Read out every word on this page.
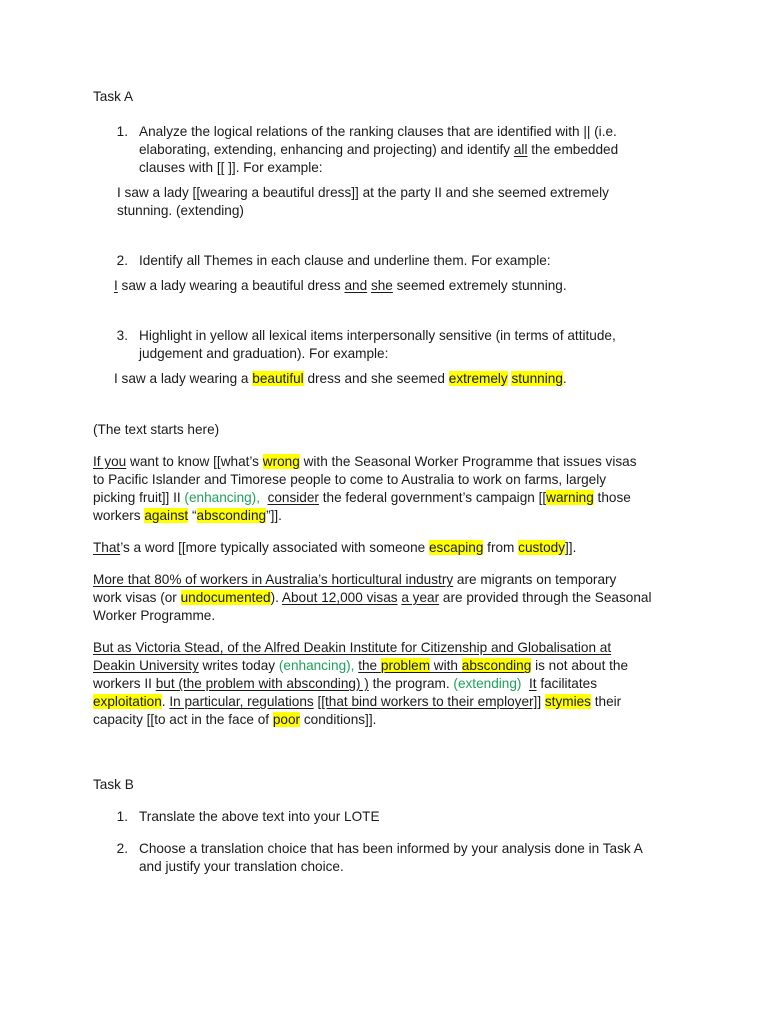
Task A
1. Analyze the logical relations of the ranking clauses that are identified with || (i.e.
elaborating, extending, enhancing and projecting) and identify all the embedded
clauses with [[ ]]. For example:
I saw a lady [[wearing a beautiful dress]] at the party II and she seemed extremely
stunning. (extending)
2. Identify all Themes in each clause and underline them. For example:
I saw a lady wearing a beautiful dress and she seemed extremely stunning.
3. Highlight in yellow all lexical items interpersonally sensitive (in terms of attitude,
judgement and graduation). For example:
I saw a lady wearing a beautiful dress and she seemed extremely stunning.
(The text starts here)
If you want to know [[what’s wrong with the Seasonal Worker Programme that issues visas
to Pacific Islander and Timorese people to come to Australia to work on farms, largely
picking fruit]] II (enhancing), consider the federal government’s campaign [[warning those
workers against “absconding”]].
That’s a word [[more typically associated with someone escaping from custody]].
More that 80% of workers in Australia’s horticultural industry are migrants on temporary
work visas (or undocumented). About 12,000 visas a year are provided through the Seasonal
Worker Programme.
But as Victoria Stead, of the Alfred Deakin Institute for Citizenship and Globalisation at
Deakin University writes today (enhancing), the problem with absconding is not about the
workers II but (the problem with absconding) ) the program. (extending) It facilitates
exploitation. In particular, regulations [[that bind workers to their employer]] stymies their
capacity [[to act in the face of poor conditions]].
Task B
1. Translate the above text into your LOTE
2. Choose a translation choice that has been informed by your analysis done in Task A
and justify your translation choice.
